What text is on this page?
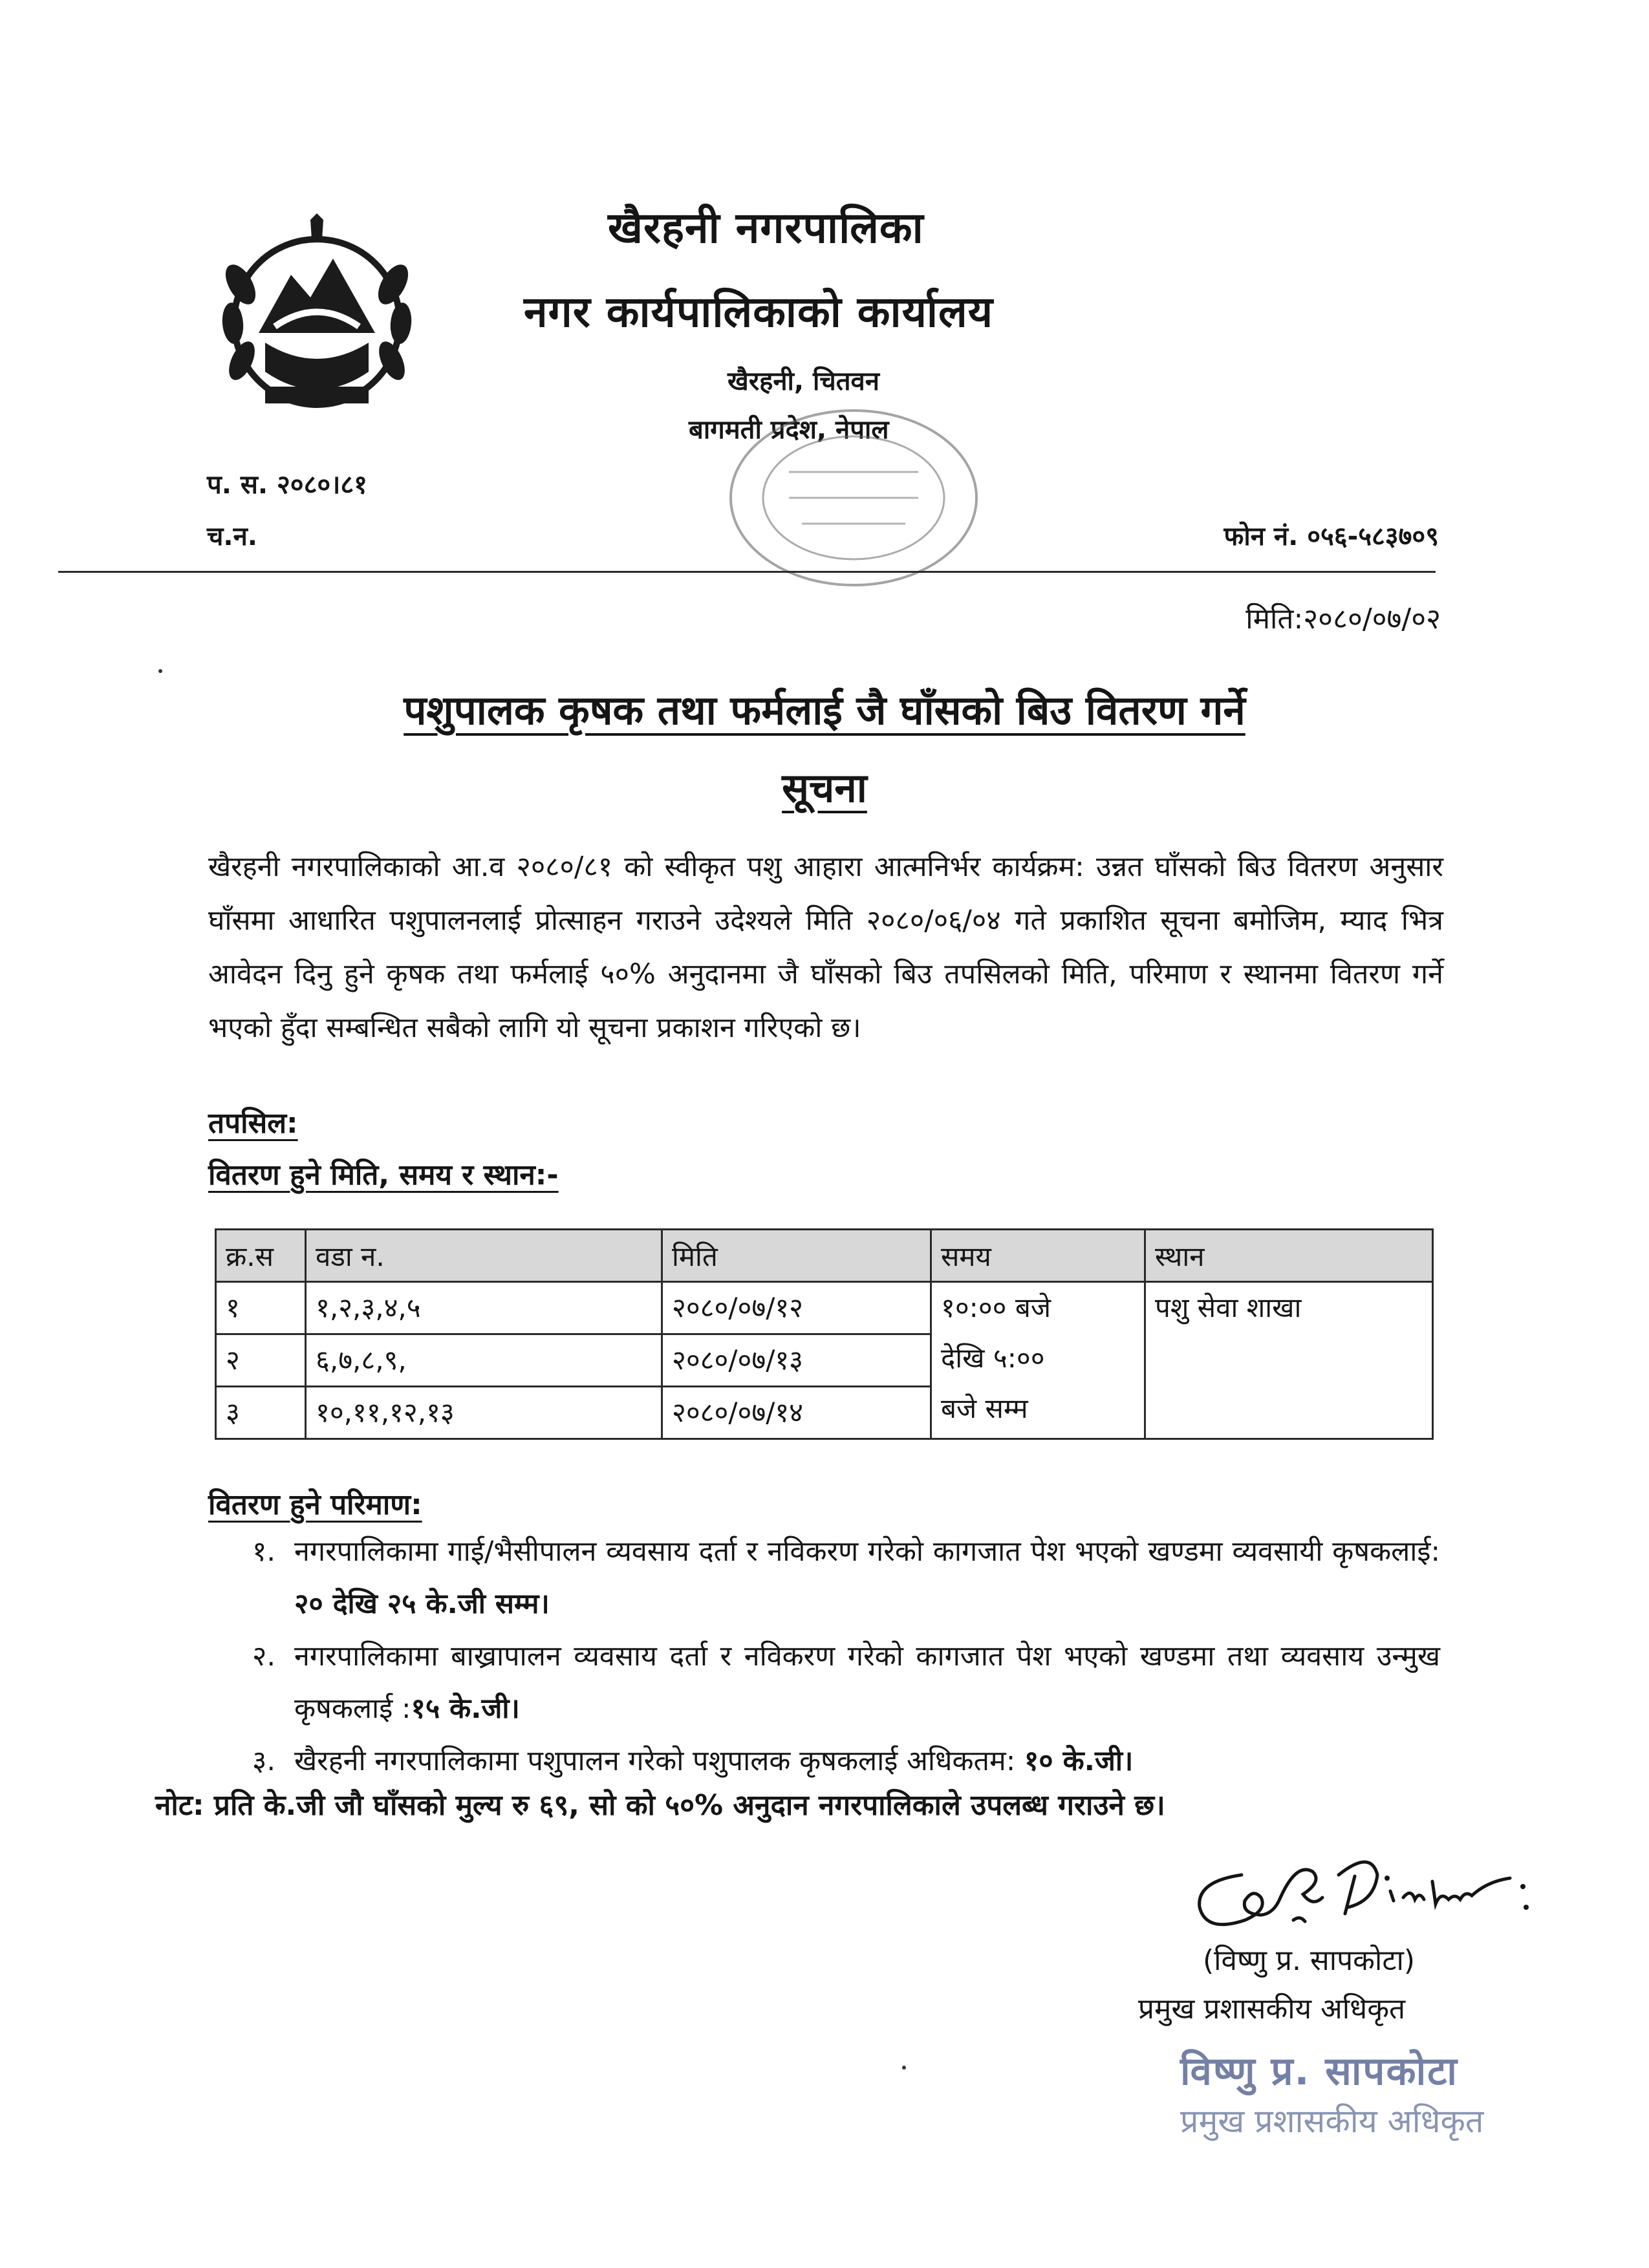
खैरहनी नगरपालिका
नगर कार्यपालिकाको कार्यालय
खैरहनी, चितवन
बागमती प्रदेश, नेपाल
प. स. २०८०।८१
च.न.	फोन नं. ०५६-५८३७०९
मिति:२०८०/०७/०२
पशुपालक कृषक तथा फर्मलाई जै घाँसको बिउ वितरण गर्ने
सूचना
खैरहनी नगरपालिकाको आ.व २०८०/८१ को स्वीकृत पशु आहारा आत्मनिर्भर कार्यक्रम: उन्नत घाँसको बिउ वितरण अनुसार घाँसमा आधारित पशुपालनलाई प्रोत्साहन गराउने उदेश्यले मिति २०८०/०६/०४ गते प्रकाशित सूचना बमोजिम, म्याद भित्र आवेदन दिनु हुने कृषक तथा फर्मलाई ५०% अनुदानमा जै घाँसको बिउ तपसिलको मिति, परिमाण र स्थानमा वितरण गर्ने भएको हुँदा सम्बन्धित सबैको लागि यो सूचना प्रकाशन गरिएको छ।
तपसिल:
वितरण हुने मिति, समय र स्थान:-
क्र.स	वडा न.	मिति	समय	स्थान
१	१,२,३,४,५	२०८०/०७/१२	१०:०० बजे
देखि ५:००
बजे सम्म	पशु सेवा शाखा
२	६,७,८,९,	२०८०/०७/१३		
३	१०,११,१२,१३	२०८०/०७/१४		
वितरण हुने परिमाण:
१. नगरपालिकामा गाई/भैसीपालन व्यवसाय दर्ता र नविकरण गरेको कागजात पेश भएको खण्डमा व्यवसायी कृषकलाई: २० देखि २५ के.जी सम्म।
२. नगरपालिकामा बाख्रापालन व्यवसाय दर्ता र नविकरण गरेको कागजात पेश भएको खण्डमा तथा व्यवसाय उन्मुख कृषकलाई :१५ के.जी।
३. खैरहनी नगरपालिकामा पशुपालन गरेको पशुपालक कृषकलाई अधिकतम: १० के.जी।
नोट: प्रति के.जी जौ घाँसको मुल्य रु ६९, सो को ५०% अनुदान नगरपालिकाले उपलब्ध गराउने छ।
(विष्णु प्र. सापकोटा)
प्रमुख प्रशासकीय अधिकृत
विष्णु प्र. सापकोटा
प्रमुख प्रशासकीय अधिकृत
